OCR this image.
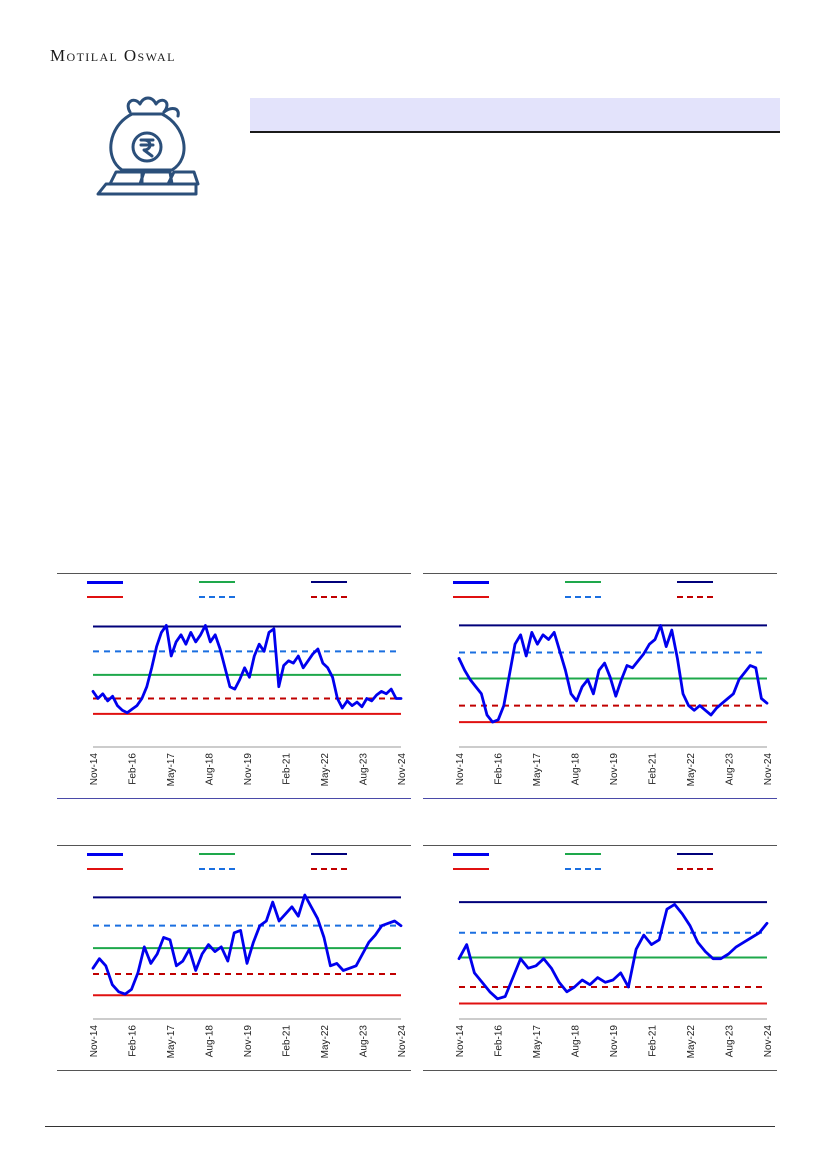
Motilal Oswal
Nov-14	Feb-16	May-17	Aug-18	Nov-19	Feb-21	May-22	Aug-23	Nov-24	Nov-14	Feb-16	May-17	Aug-18	Nov-19	Feb-21	May-22	Aug-23	Nov-24
Nov-14	Feb-16	May-17	Aug-18	Nov-19	Feb-21	May-22	Aug-23	Nov-24	Nov-14	Feb-16	May-17	Aug-18	Nov-19	Feb-21	May-22	Aug-23	Nov-24
